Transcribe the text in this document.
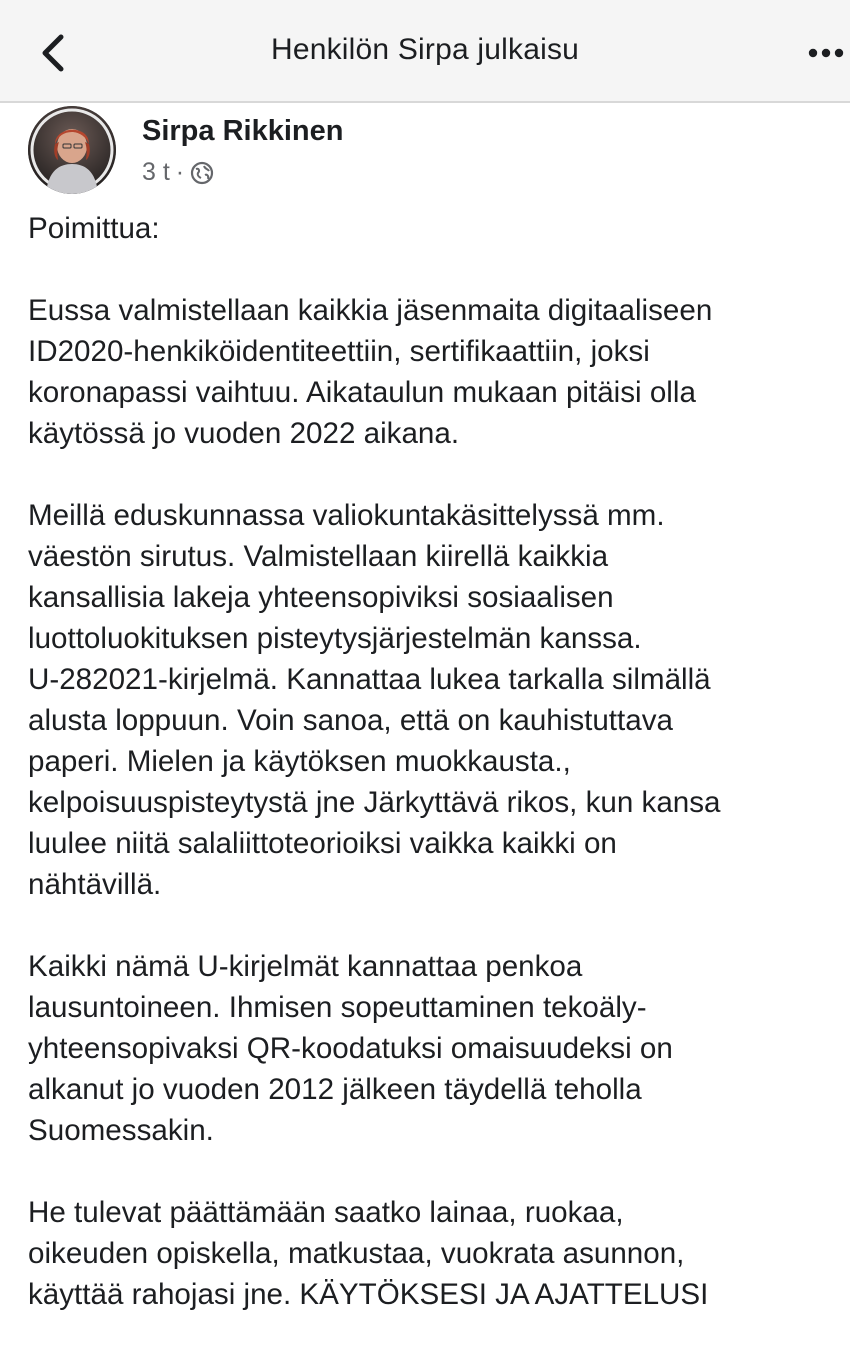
Henkilön Sirpa julkaisu
Sirpa Rikkinen
3 t ·

Poimittua:

Eussa valmistellaan kaikkia jäsenmaita digitaaliseen
ID2020-henkiköidentiteettiin, sertifikaattiin, joksi
koronapassi vaihtuu. Aikataulun mukaan pitäisi olla
käytössä jo vuoden 2022 aikana.

Meillä eduskunnassa valiokuntakäsittelyssä mm.
väestön sirutus. Valmistellaan kiirellä kaikkia
kansallisia lakeja yhteensopiviksi sosiaalisen
luottoluokituksen pisteytysjärjestelmän kanssa.
U-282021-kirjelmä. Kannattaa lukea tarkalla silmällä
alusta loppuun. Voin sanoa, että on kauhistuttava
paperi. Mielen ja käytöksen muokkausta.,
kelpoisuuspisteytystä jne Järkyttävä rikos, kun kansa
luulee niitä salaliittoteorioiksi vaikka kaikki on
nähtävillä.

Kaikki nämä U-kirjelmät kannattaa penkoa
lausuntoineen. Ihmisen sopeuttaminen tekoäly-
yhteensopivaksi QR-koodatuksi omaisuudeksi on
alkanut jo vuoden 2012 jälkeen täydellä teholla
Suomessakin.

He tulevat päättämään saatko lainaa, ruokaa,
oikeuden opiskella, matkustaa, vuokrata asunnon,
käyttää rahojasi jne. KÄYTÖKSESI JA AJATTELUSI
